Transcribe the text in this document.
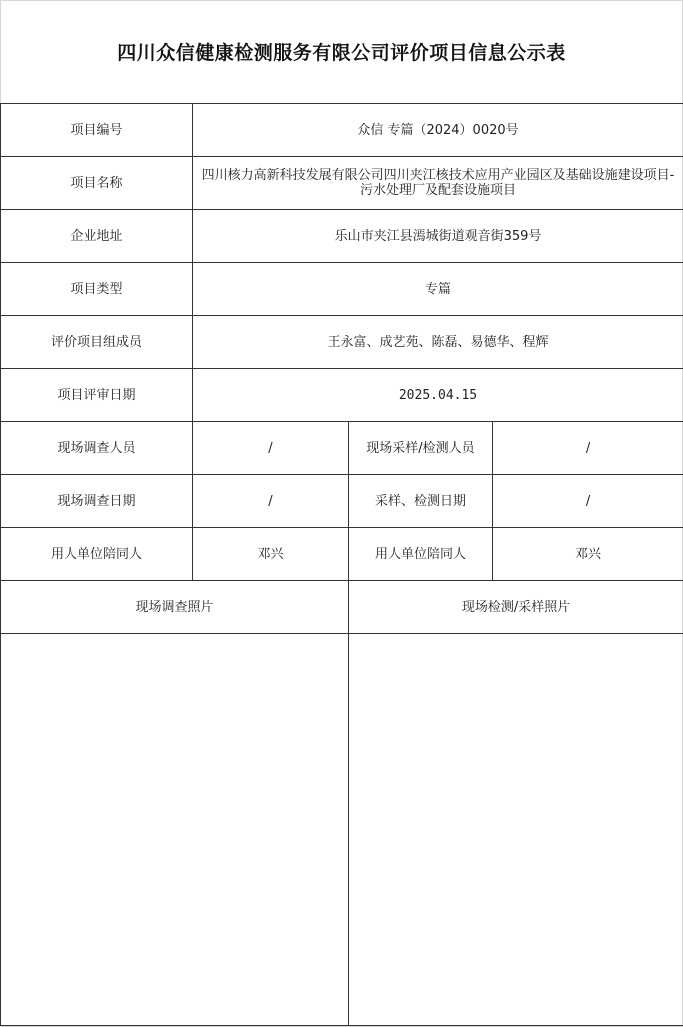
四川众信健康检测服务有限公司评价项目信息公示表
项目编号	众信 专篇（2024）0020号		
项目名称	四川核力高新科技发展有限公司四川夹江核技术应用产业园区及基础设施建设项目-污水处理厂及配套设施项目		
企业地址	乐山市夹江县漹城街道观音街359号		
项目类型	专篇		
评价项目组成员	王永富、成艺苑、陈磊、易德华、程辉		
项目评审日期	2025.04.15		
现场调查人员	/	现场采样/检测人员	/
现场调查日期	/	采样、检测日期	/
用人单位陪同人	邓兴	用人单位陪同人	邓兴
现场调查照片		现场检测/采样照片	
